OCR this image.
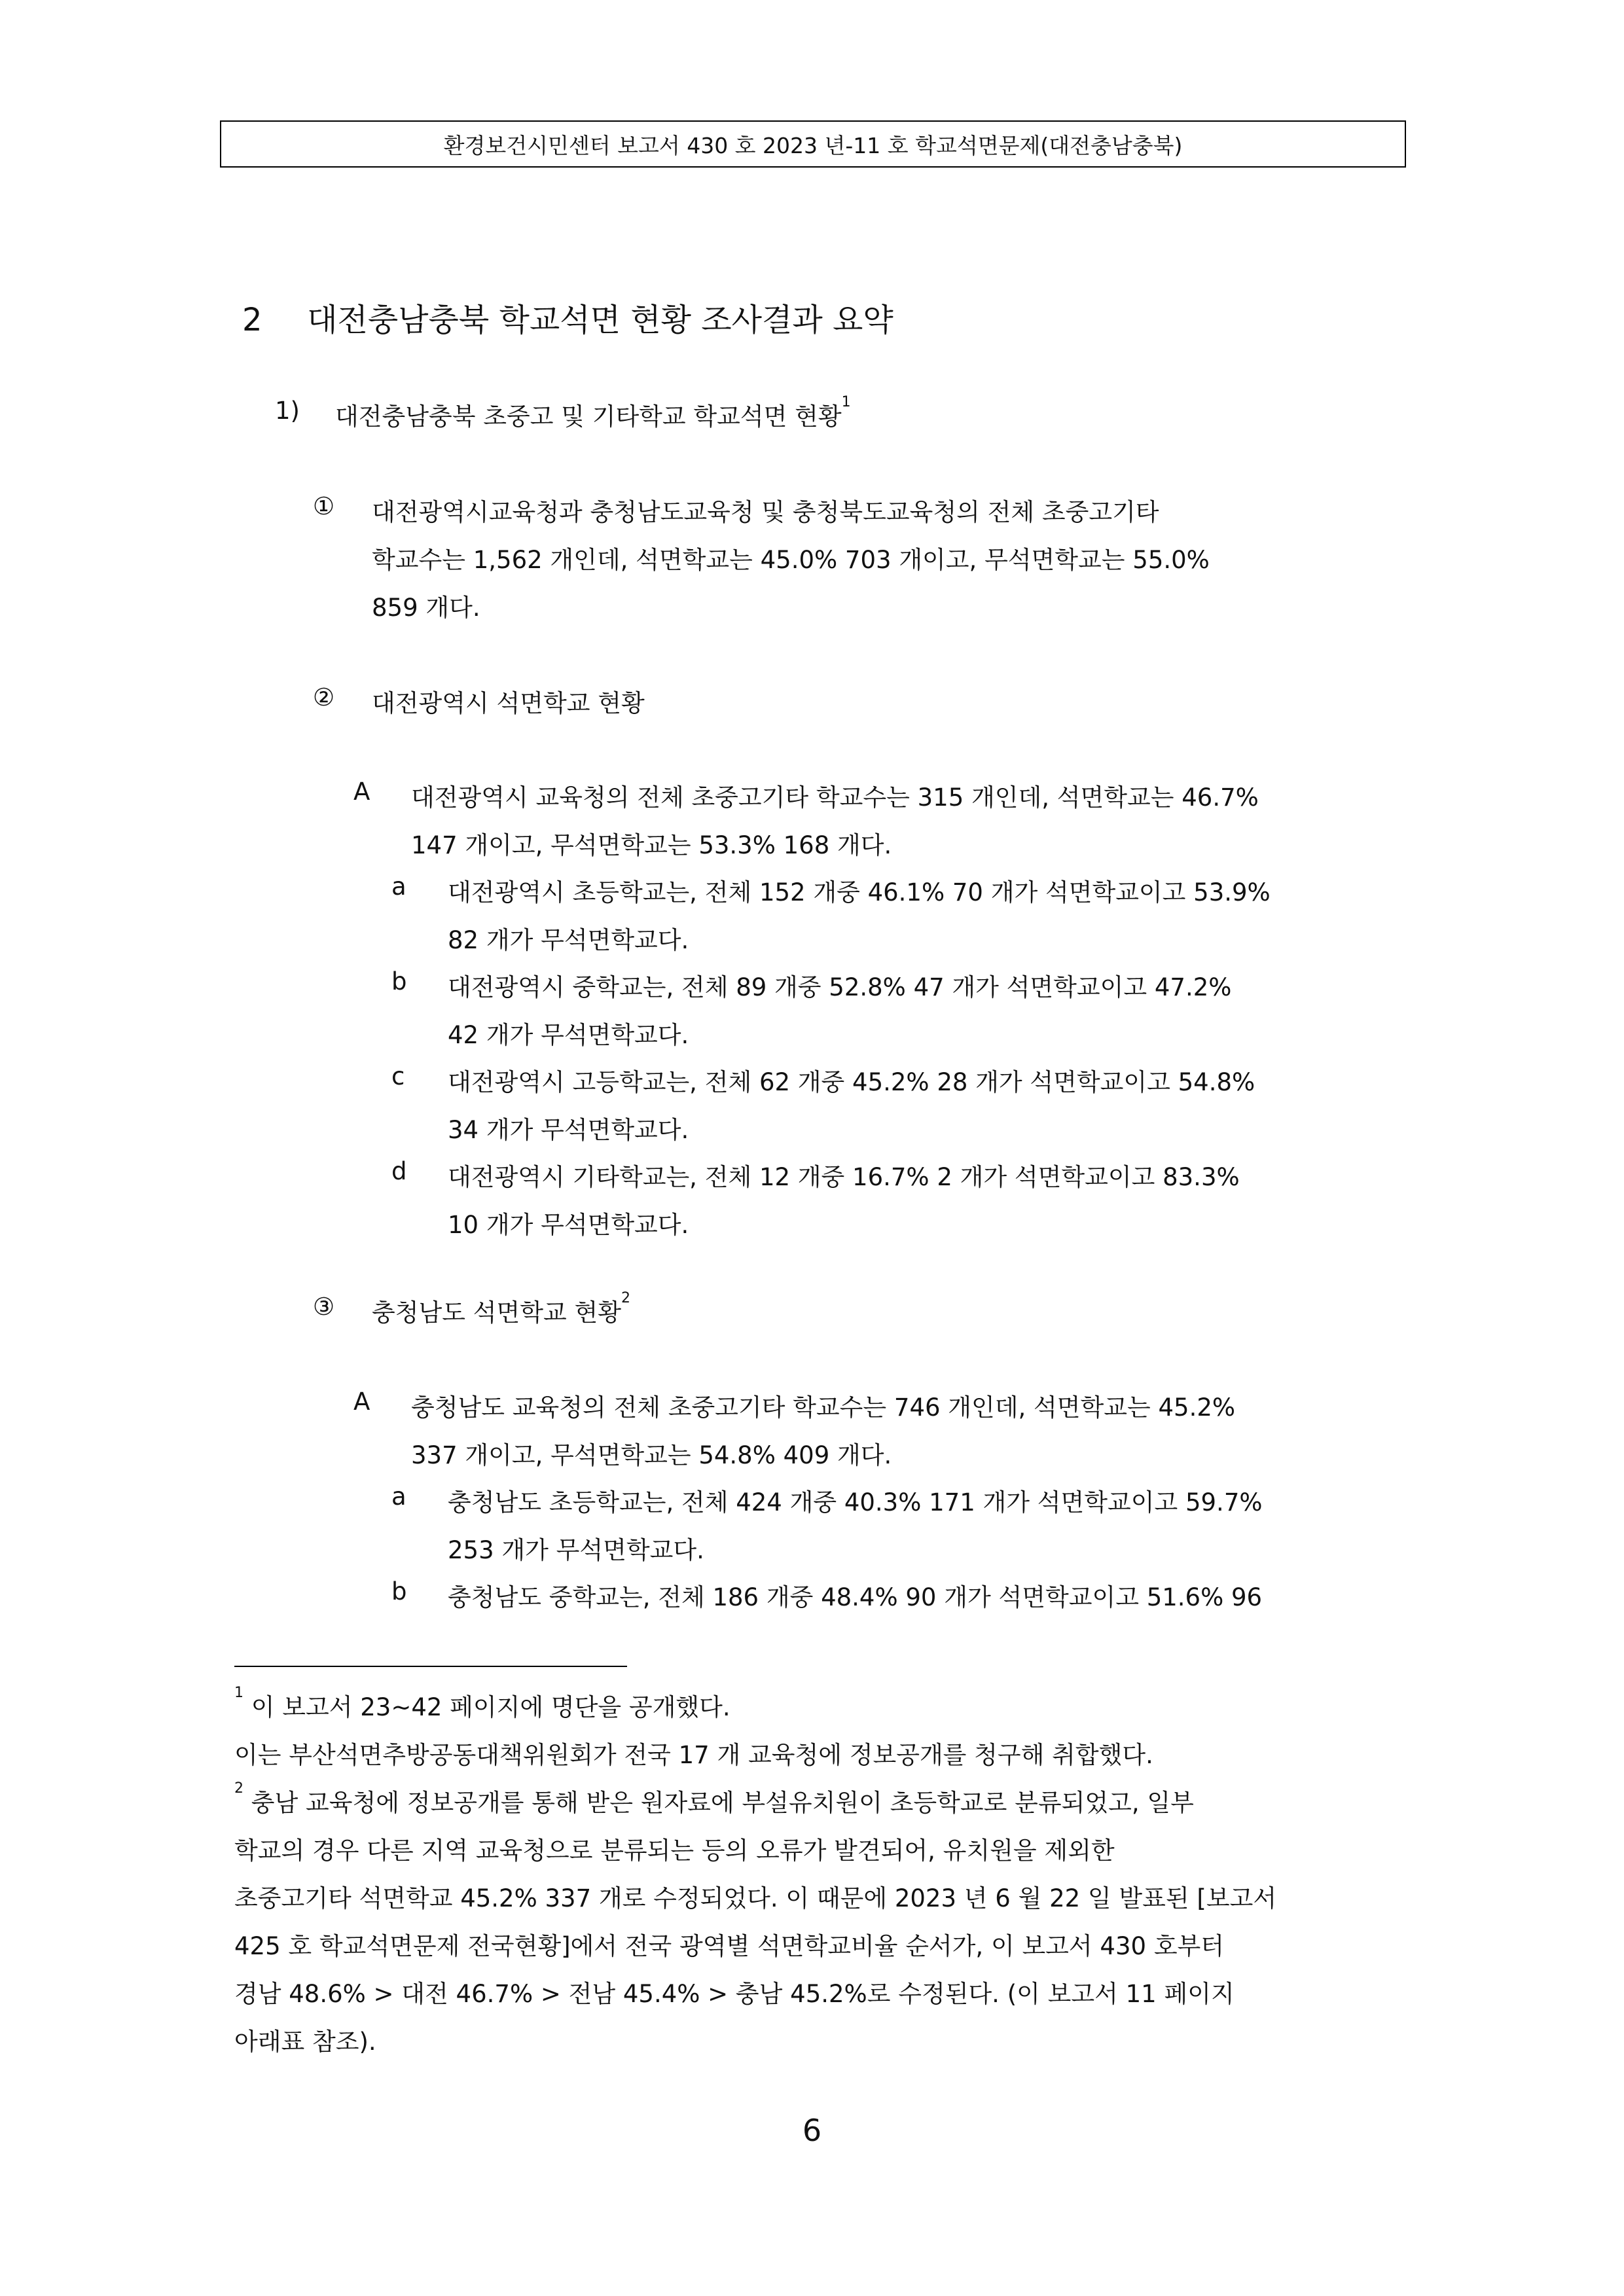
환경보건시민센터 보고서 430 호 2023 년-11 호 학교석면문제(대전충남충북)
2 대전충남충북 학교석면 현황 조사결과 요약
1) 대전충남충북 초중고 및 기타학교 학교석면 현황$^1$
① 대전광역시교육청과 충청남도교육청 및 충청북도교육청의 전체 초중고기타
학교수는 1,562 개인데, 석면학교는 45.0% 703 개이고, 무석면학교는 55.0%
859 개다.
② 대전광역시 석면학교 현황
A 대전광역시 교육청의 전체 초중고기타 학교수는 315 개인데, 석면학교는 46.7%
147 개이고, 무석면학교는 53.3% 168 개다.
a 대전광역시 초등학교는, 전체 152 개중 46.1% 70 개가 석면학교이고 53.9%
82 개가 무석면학교다.
b 대전광역시 중학교는, 전체 89 개중 52.8% 47 개가 석면학교이고 47.2%
42 개가 무석면학교다.
c 대전광역시 고등학교는, 전체 62 개중 45.2% 28 개가 석면학교이고 54.8%
34 개가 무석면학교다.
d 대전광역시 기타학교는, 전체 12 개중 16.7% 2 개가 석면학교이고 83.3%
10 개가 무석면학교다.
③ 충청남도 석면학교 현황$^2$
A 충청남도 교육청의 전체 초중고기타 학교수는 746 개인데, 석면학교는 45.2%
337 개이고, 무석면학교는 54.8% 409 개다.
a 충청남도 초등학교는, 전체 424 개중 40.3% 171 개가 석면학교이고 59.7%
253 개가 무석면학교다.
b 충청남도 중학교는, 전체 186 개중 48.4% 90 개가 석면학교이고 51.6% 96
$^1$ 이 보고서 23~42 페이지에 명단을 공개했다.
이는 부산석면추방공동대책위원회가 전국 17 개 교육청에 정보공개를 청구해 취합했다.
$^2$ 충남 교육청에 정보공개를 통해 받은 원자료에 부설유치원이 초등학교로 분류되었고, 일부
학교의 경우 다른 지역 교육청으로 분류되는 등의 오류가 발견되어, 유치원을 제외한
초중고기타 석면학교 45.2% 337 개로 수정되었다. 이 때문에 2023 년 6 월 22 일 발표된 [보고서
425 호 학교석면문제 전국현황]에서 전국 광역별 석면학교비율 순서가, 이 보고서 430 호부터
경남 48.6% > 대전 46.7% > 전남 45.4% > 충남 45.2%로 수정된다. (이 보고서 11 페이지
아래표 참조).
6
